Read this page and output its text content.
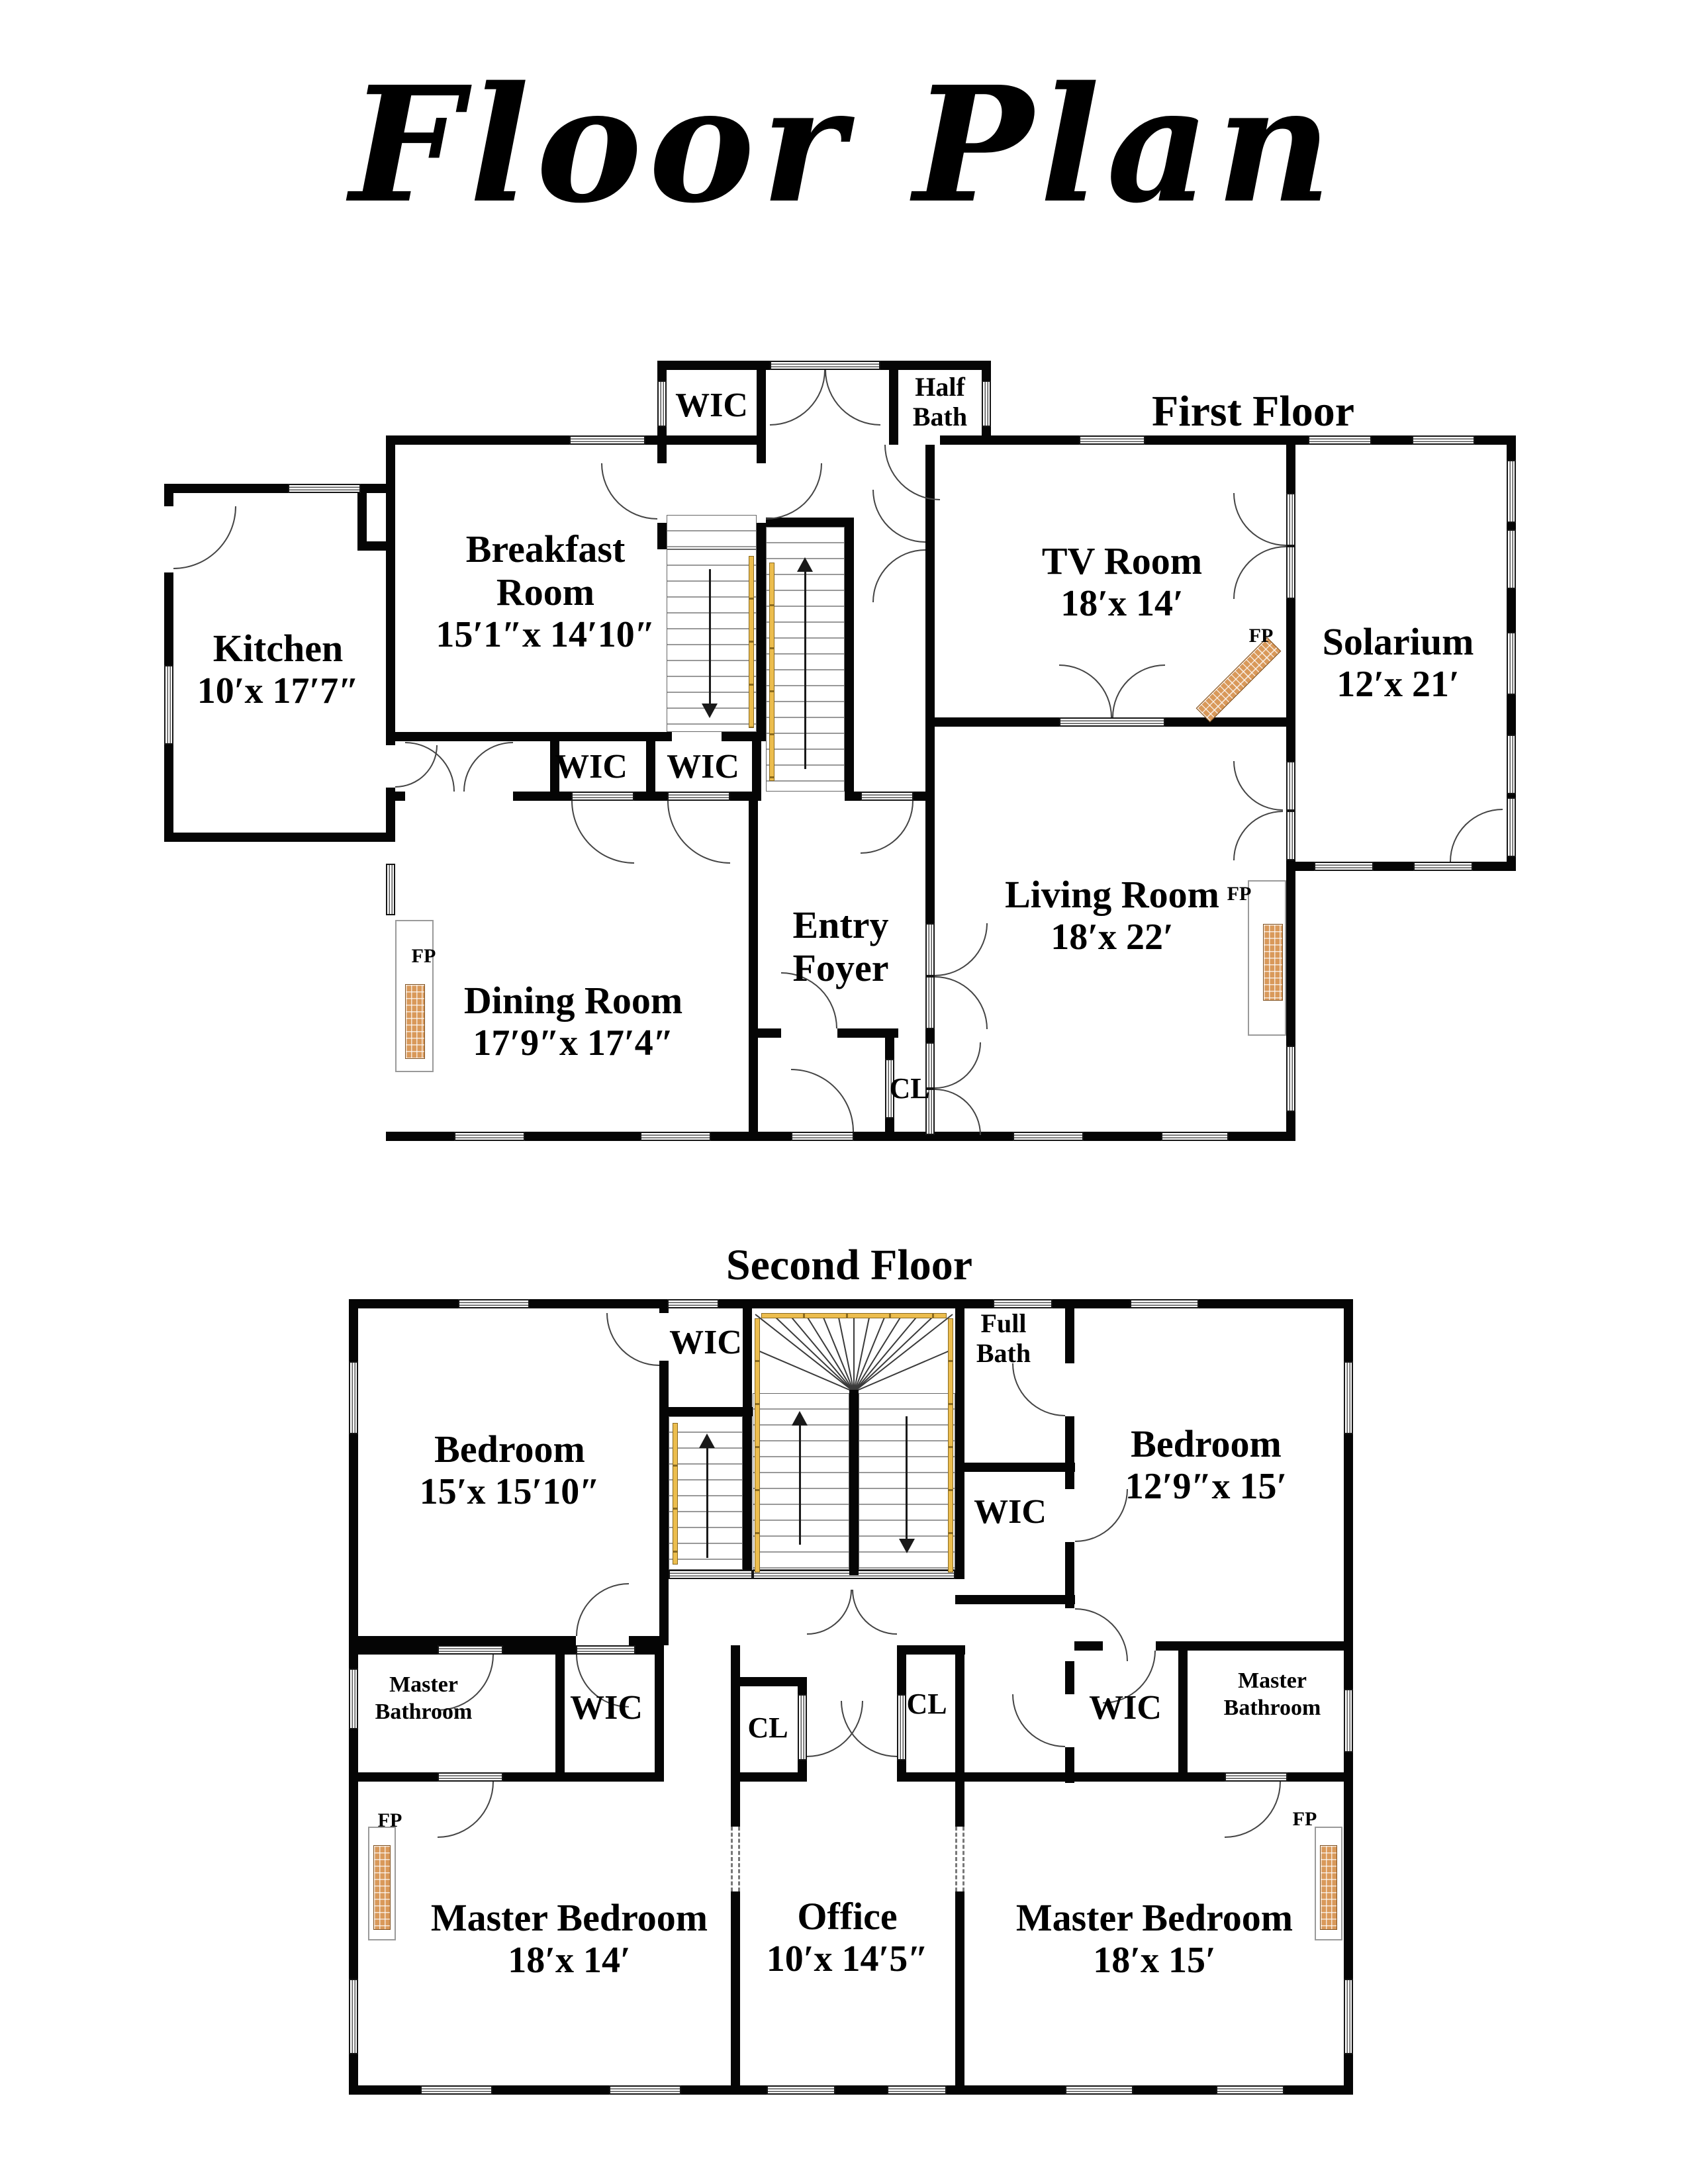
Floor Plan
First Floor
WIC	Half
Bath
Breakfast
Room
15′1″x 14′10″
Kitchen
10′x 17′7″
TV Room
18′x 14′
Solarium
12′x 21′
WIC	WIC
Entry
Foyer
Dining Room
17′9″x 17′4″
Living Room
18′x 22′
CL
FP
FP
FP
Second Floor
WIC
Full
Bath
Bedroom
15′x 15′10″
Bedroom
12′9″x 15′
WIC
Master
Bathroom	WIC
CL
CL	WIC
Master
Bathroom
Master Bedroom
18′x 14′
Office
10′x 14′5″
Master Bedroom
18′x 15′
FP	FP
